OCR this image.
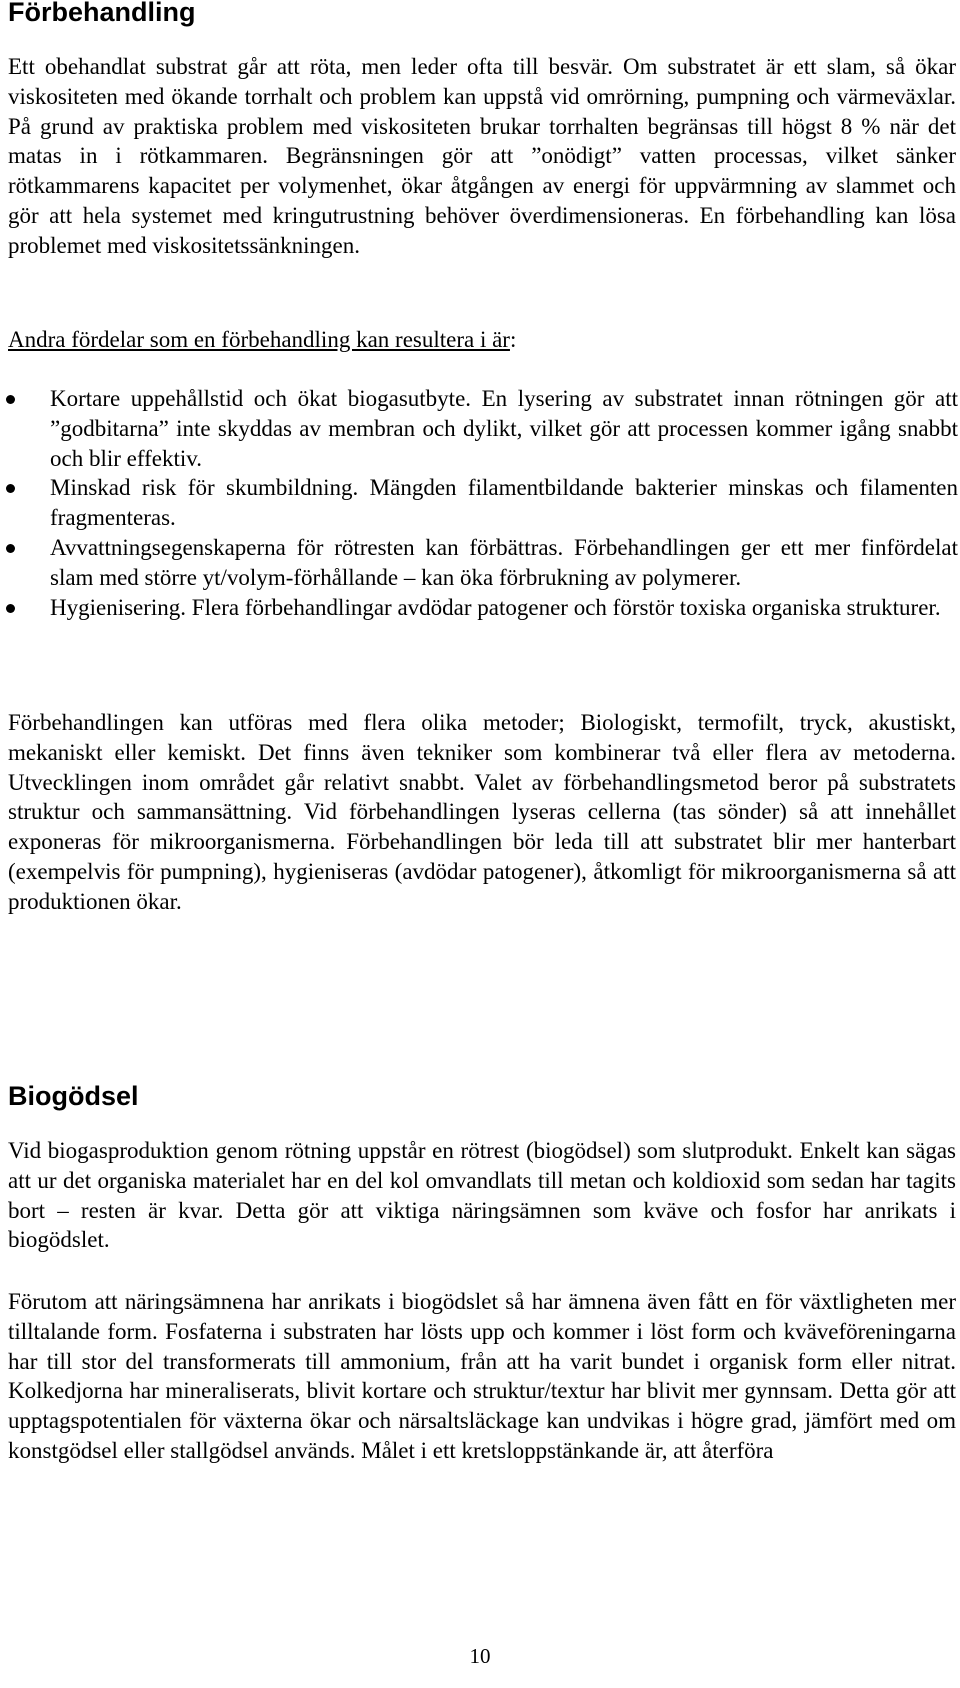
Förbehandling

Ett obehandlat substrat går att röta, men leder ofta till besvär. Om substratet är ett slam, så ökar viskositeten med ökande torrhalt och problem kan uppstå vid omrörning, pumpning och värmeväxlar. På grund av praktiska problem med viskositeten brukar torrhalten begränsas till högst 8 % när det matas in i rötkammaren. Begränsningen gör att ”onödigt” vatten processas, vilket sänker rötkammarens kapacitet per volymenhet, ökar åtgången av energi för uppvärmning av slammet och gör att hela systemet med kringutrustning behöver överdimensioneras. En förbehandling kan lösa problemet med viskositetssänkningen.

Andra fördelar som en förbehandling kan resultera i är:

Kortare uppehållstid och ökat biogasutbyte. En lysering av substratet innan rötningen gör att ”godbitarna” inte skyddas av membran och dylikt, vilket gör att processen kommer igång snabbt och blir effektiv.

Minskad risk för skumbildning. Mängden filamentbildande bakterier minskas och filamenten fragmenteras.

Avvattningsegenskaperna för rötresten kan förbättras. Förbehandlingen ger ett mer finfördelat slam med större yt/volym-förhållande – kan öka förbrukning av polymerer.

Hygienisering. Flera förbehandlingar avdödar patogener och förstör toxiska organiska strukturer.

Förbehandlingen kan utföras med flera olika metoder; Biologiskt, termofilt, tryck, akustiskt, mekaniskt eller kemiskt. Det finns även tekniker som kombinerar två eller flera av metoderna. Utvecklingen inom området går relativt snabbt. Valet av förbehandlingsmetod beror på substratets struktur och sammansättning. Vid förbehandlingen lyseras cellerna (tas sönder) så att innehållet exponeras för mikroorganismerna. Förbehandlingen bör leda till att substratet blir mer hanterbart (exempelvis för pumpning), hygieniseras (avdödar patogener), åtkomligt för mikroorganismerna så att produktionen ökar.

Biogödsel

Vid biogasproduktion genom rötning uppstår en rötrest (biogödsel) som slutprodukt. Enkelt kan sägas att ur det organiska materialet har en del kol omvandlats till metan och koldioxid som sedan har tagits bort – resten är kvar. Detta gör att viktiga näringsämnen som kväve och fosfor har anrikats i biogödslet.

Förutom att näringsämnena har anrikats i biogödslet så har ämnena även fått en för växtligheten mer tilltalande form. Fosfaterna i substraten har lösts upp och kommer i löst form och kväveföreningarna har till stor del transformerats till ammonium, från att ha varit bundet i organisk form eller nitrat. Kolkedjorna har mineraliserats, blivit kortare och struktur/textur har blivit mer gynnsam. Detta gör att upptagspotentialen för växterna ökar och närsaltsläckage kan undvikas i högre grad, jämfört med om konstgödsel eller stallgödsel används. Målet i ett kretsloppstänkande är, att återföra

10
